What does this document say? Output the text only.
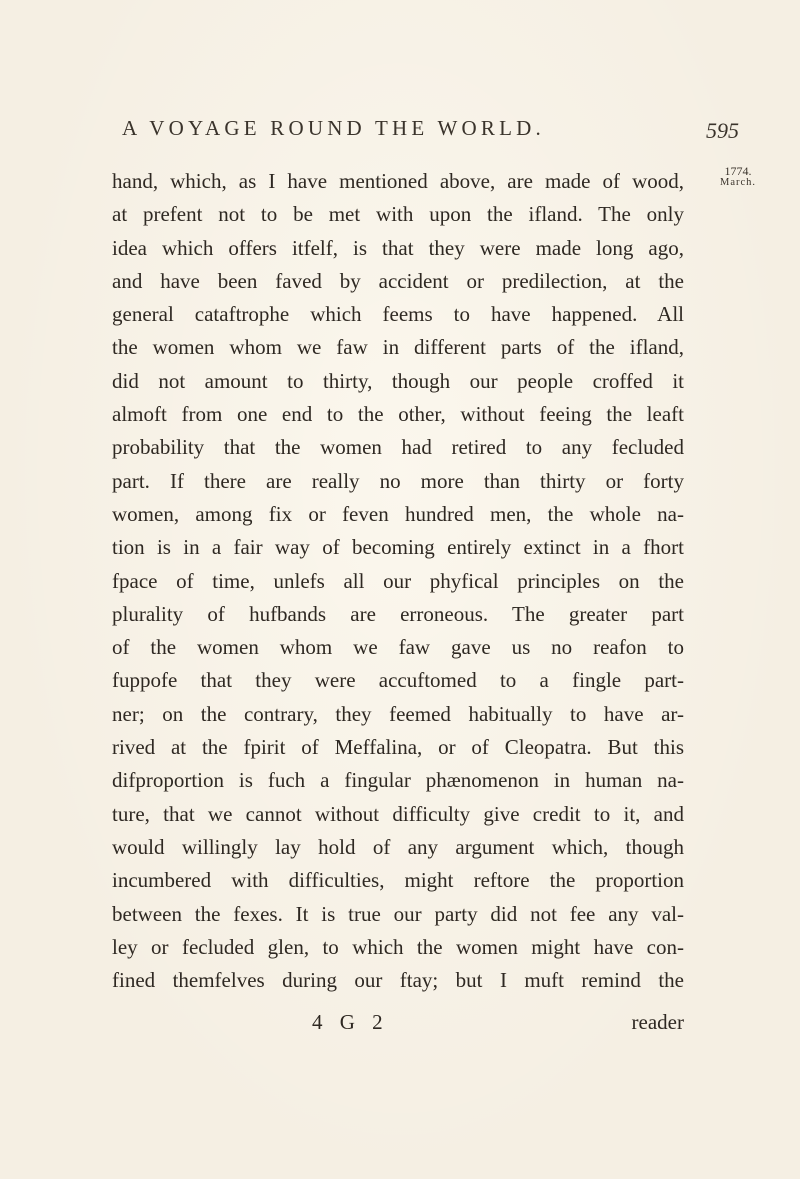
A VOYAGE ROUND THE WORLD.	595
1774.
March.
hand, which, as I have mentioned above, are made of wood,
at prefent not to be met with upon the ifland. The only
idea which offers itfelf, is that they were made long ago,
and have been faved by accident or predilection, at the
general cataftrophe which feems to have happened. All
the women whom we faw in different parts of the ifland,
did not amount to thirty, though our people croffed it
almoft from one end to the other, without feeing the leaft
probability that the women had retired to any fecluded
part. If there are really no more than thirty or forty
women, among fix or feven hundred men, the whole na-
tion is in a fair way of becoming entirely extinct in a fhort
fpace of time, unlefs all our phyfical principles on the
plurality of hufbands are erroneous. The greater part
of the women whom we faw gave us no reafon to
fuppofe that they were accuftomed to a fingle part-
ner; on the contrary, they feemed habitually to have ar-
rived at the fpirit of Meffalina, or of Cleopatra. But this
difproportion is fuch a fingular phænomenon in human na-
ture, that we cannot without difficulty give credit to it, and
would willingly lay hold of any argument which, though
incumbered with difficulties, might reftore the proportion
between the fexes. It is true our party did not fee any val-
ley or fecluded glen, to which the women might have con-
fined themfelves during our ftay; but I muft remind the
4 G 2	reader
